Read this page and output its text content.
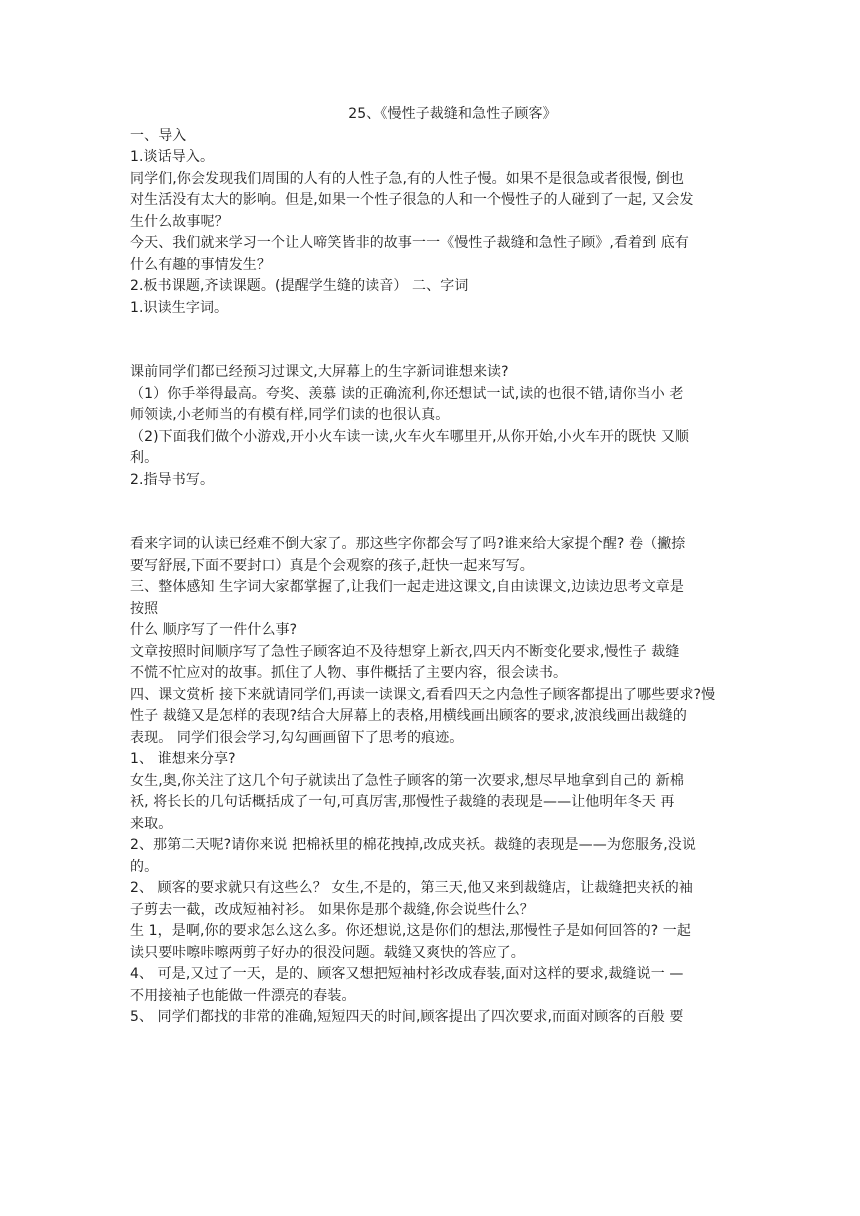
25、《慢性子裁缝和急性子顾客》

一、导入

1.谈话导入。

同学们,你会发现我们周围的人有的人性子急,有的人性子慢。如果不是很急或者很慢, 倒也

对生活没有太大的影响。但是,如果一个性子很急的人和一个慢性子的人碰到了一起, 又会发

生什么故事呢？

今天、我们就来学习一个让人啼笑皆非的故事一一《慢性子裁缝和急性子顾》,看着到 底有

什么有趣的事情发生？

2.板书课题,齐读课题。(提醒学生缝的读音） 二、字词

1.识读生字词。

课前同学们都已经预习过课文,大屏幕上的生字新词谁想来读?

（1）你手举得最高。夸奖、羡慕 读的正确流利,你还想试一试,读的也很不错,请你当小 老

师领读,小老师当的有模有样,同学们读的也很认真。

（2)下面我们做个小游戏,开小火车读一读,火车火车哪里开,从你开始,小火车开的既快 又顺

利。

2.指导书写。

看来字词的认读已经难不倒大家了。那这些字你都会写了吗?谁来给大家提个醒? 卷（撇捺

要写舒展,下面不要封口）真是个会观察的孩子,赶快一起来写写。

三、整体感知 生字词大家都掌握了,让我们一起走进这课文,自由读课文,边读边思考文章是

按照

什么 顺序写了一件什么事?

文章按照时间顺序写了急性子顾客迫不及待想穿上新衣,四天内不断变化要求,慢性子 裁缝

不慌不忙应对的故事。抓住了人物、事件概括了主要内容，很会读书。

四、课文赏析 接下来就请同学们,再读一读课文,看看四天之内急性子顾客都提出了哪些要求?慢

性子 裁缝又是怎样的表现?结合大屏幕上的表格,用横线画出顾客的要求,波浪线画出裁缝的

表现。 同学们很会学习,勾勾画画留下了思考的痕迹。

1、 谁想来分享?

女生,奥,你关注了这几个句子就读出了急性子顾客的第一次要求,想尽早地拿到自己的 新棉

袄, 将长长的几句话概括成了一句,可真厉害,那慢性子裁缝的表现是——让他明年冬天 再

来取。

2、那第二天呢?请你来说 把棉袄里的棉花拽掉,改成夹袄。裁缝的表现是——为您服务,没说

的。

2、 顾客的要求就只有这些么？ 女生,不是的，第三天,他又来到裁缝店，让裁缝把夹袄的袖

子剪去一截，改成短袖衬衫。 如果你是那个裁缝,你会说些什么？

生 1，是啊,你的要求怎么这么多。你还想说,这是你们的想法,那慢性子是如何回答的? 一起

读只要咔嚓咔嚓两剪子好办的很没问题。载缝又爽快的答应了。

4、 可是,又过了一天，是的、顾客又想把短袖村衫改成春装,面对这样的要求,裁缝说一 —

不用接袖子也能做一件漂亮的春装。

5、 同学们都找的非常的准确,短短四天的时间,顾客提出了四次要求,而面对顾客的百般 要
